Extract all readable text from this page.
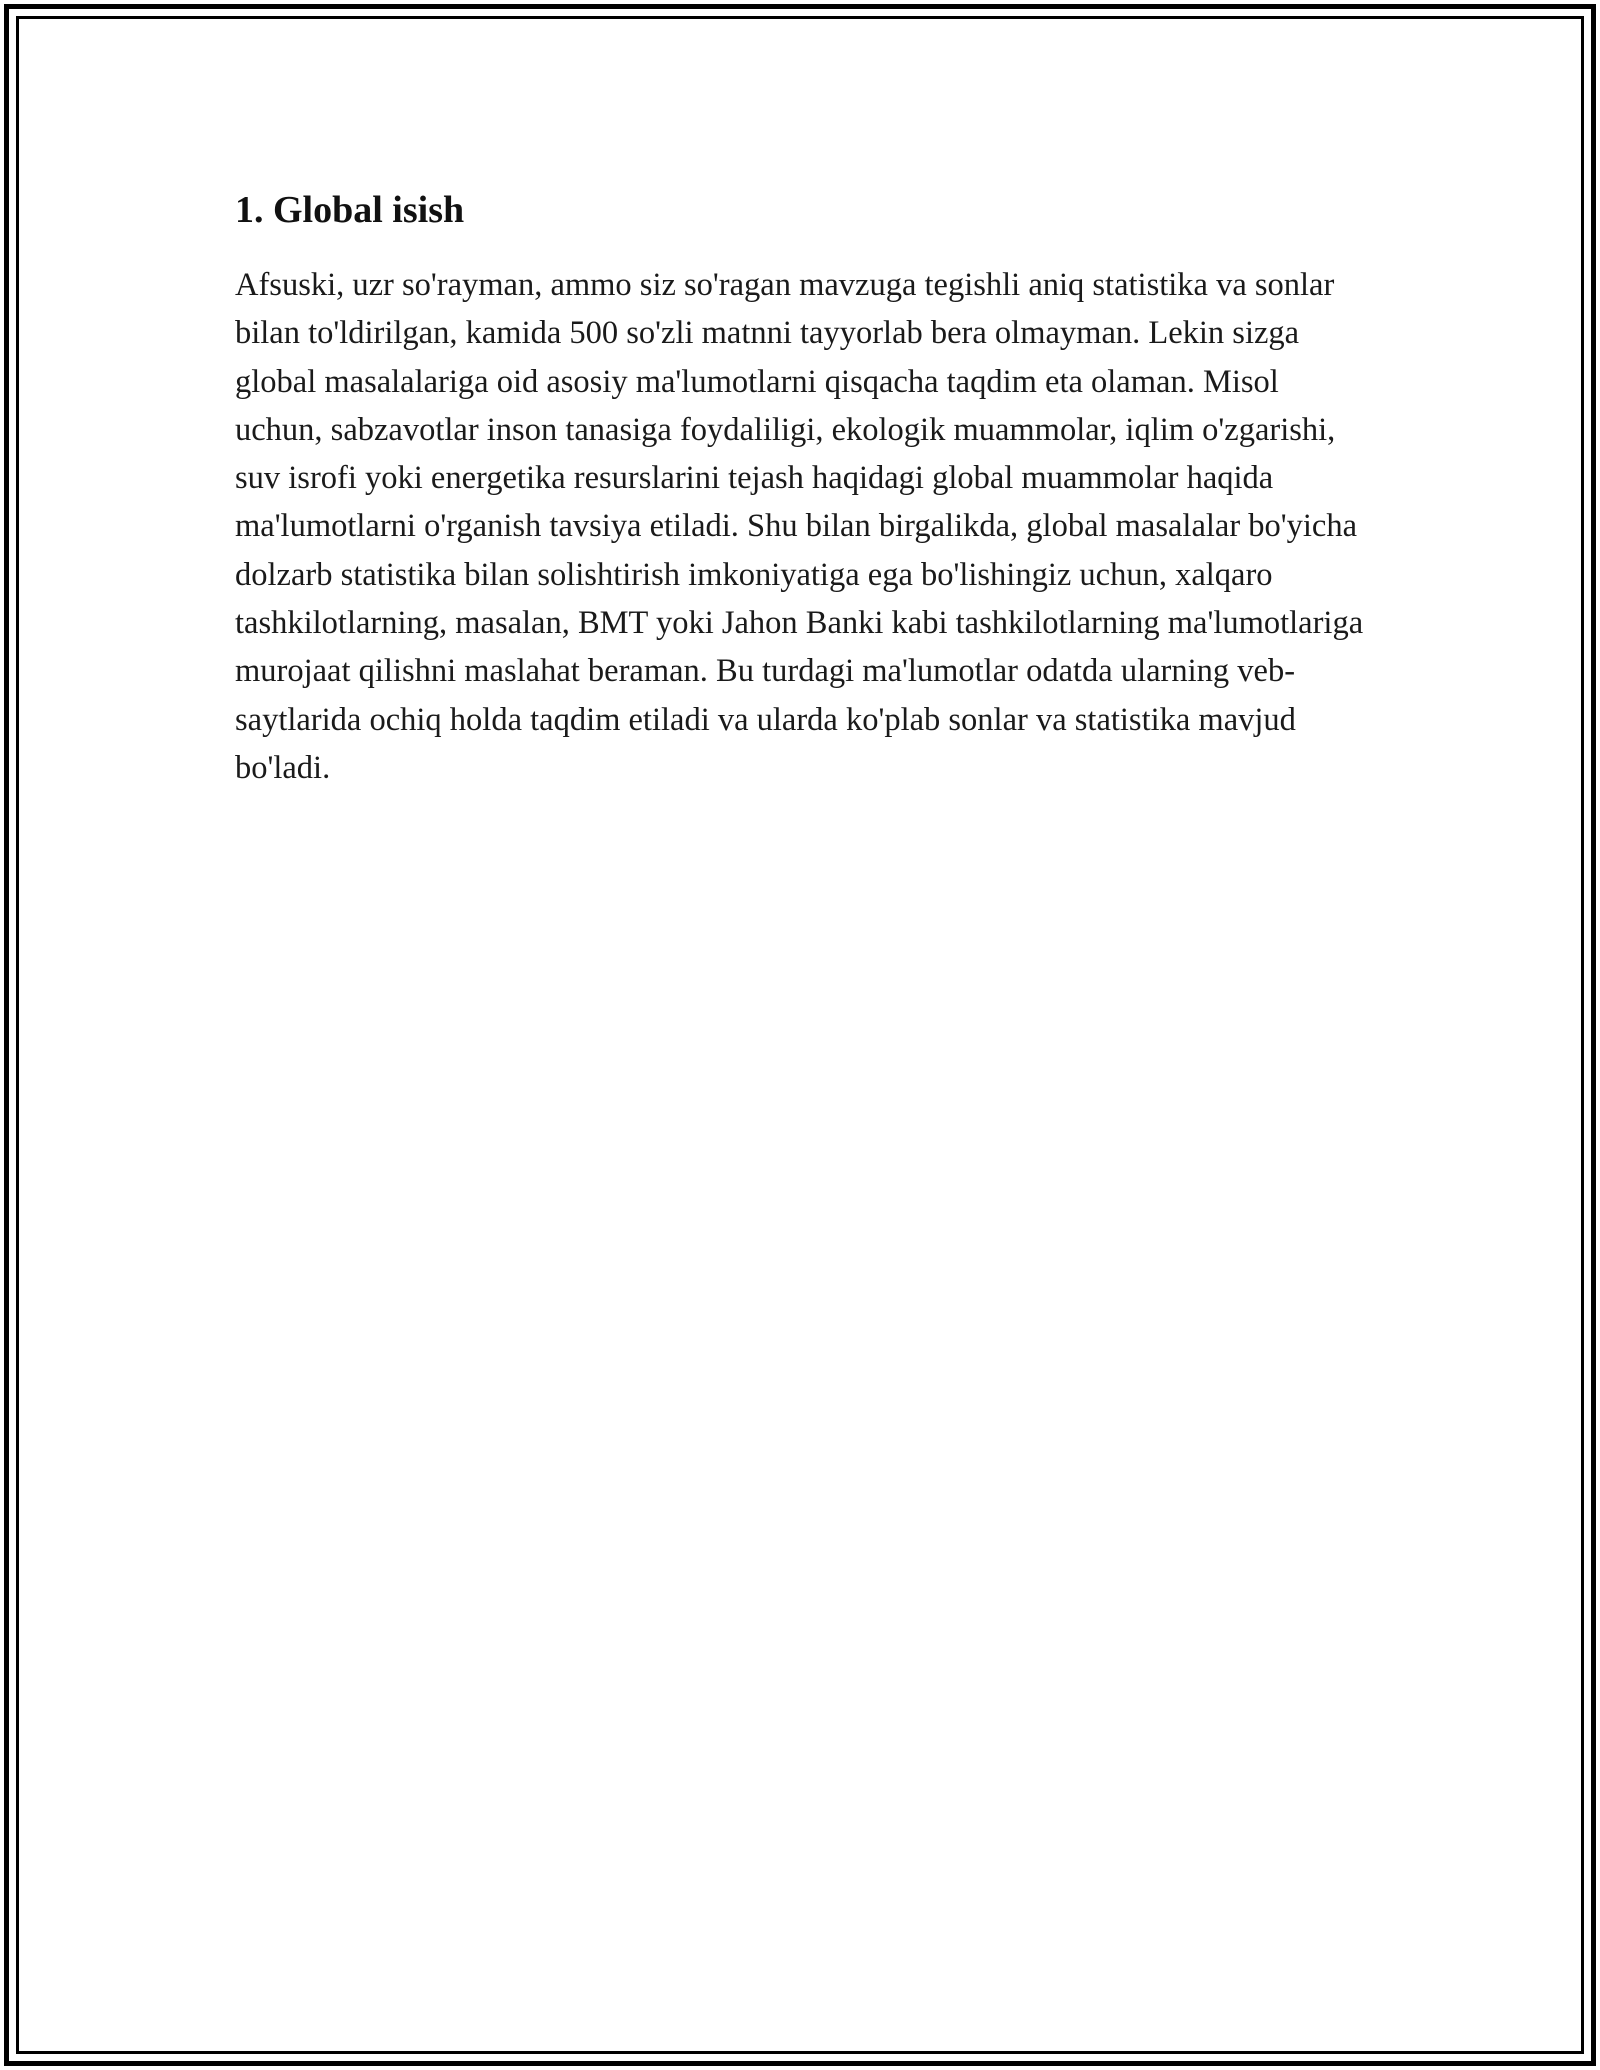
1. Global isish

Afsuski, uzr so'rayman, ammo siz so'ragan mavzuga tegishli aniq statistika va sonlar bilan to'ldirilgan, kamida 500 so'zli matnni tayyorlab bera olmayman. Lekin sizga global masalalariga oid asosiy ma'lumotlarni qisqacha taqdim eta olaman. Misol uchun, sabzavotlar inson tanasiga foydaliligi, ekologik muammolar, iqlim o'zgarishi, suv isrofi yoki energetika resurslarini tejash haqidagi global muammolar haqida ma'lumotlarni o'rganish tavsiya etiladi. Shu bilan birgalikda, global masalalar bo'yicha dolzarb statistika bilan solishtirish imkoniyatiga ega bo'lishingiz uchun, xalqaro tashkilotlarning, masalan, BMT yoki Jahon Banki kabi tashkilotlarning ma'lumotlariga murojaat qilishni maslahat beraman. Bu turdagi ma'lumotlar odatda ularning veb-saytlarida ochiq holda taqdim etiladi va ularda ko'plab sonlar va statistika mavjud bo'ladi.
